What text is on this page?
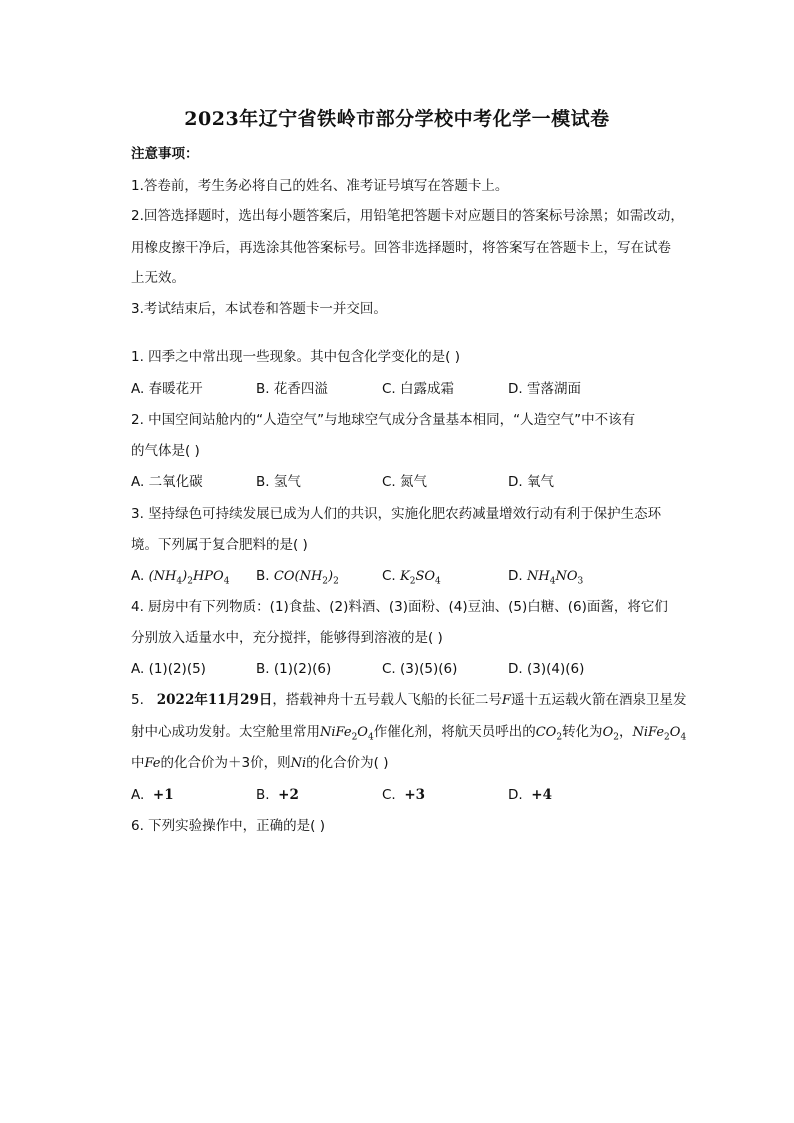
2023年辽宁省铁岭市部分学校中考化学一模试卷
注意事项：
1.答卷前，考生务必将自己的姓名、准考证号填写在答题卡上。
2.回答选择题时，选出每小题答案后，用铅笔把答题卡对应题目的答案标号涂黑；如需改动，
用橡皮擦干净后，再选涂其他答案标号。回答非选择题时，将答案写在答题卡上，写在试卷
上无效。
3.考试结束后，本试卷和答题卡一并交回。
1. 四季之中常出现一些现象。其中包含化学变化的是( )
A. 春暖花开	B. 花香四溢	C. 白露成霜	D. 雪落湖面
2. 中国空间站舱内的“人造空气”与地球空气成分含量基本相同，“人造空气”中不该有
的气体是( )
A. 二氧化碳	B. 氢气	C. 氮气	D. 氧气
3. 坚持绿色可持续发展已成为人们的共识，实施化肥农药减量增效行动有利于保护生态环
境。下列属于复合肥料的是( )
A. $(NH_4)_2HPO_4$ B. $CO(NH_2)_2$	C. $K_2SO_4$	D. $NH_4NO_3$
4. 厨房中有下列物质：(1)食盐、(2)料酒、(3)面粉、(4)豆油、(5)白糖、(6)面酱，将它们
分别放入适量水中，充分搅拌，能够得到溶液的是( )
A. (1)(2)(5)	B. (1)(2)(6)	C. (3)(5)(6)	D. (3)(4)(6)
5.   2022年11月29日，搭载神舟十五号载人飞船的长征二号F遥十五运载火箭在酒泉卫星发
射中心成功发射。太空舱里常用$NiFe_2O_4$作催化剂，将航天员呼出的$CO_2$转化为$O_2$，$NiFe_2O_4$
中Fe的化合价为＋3价，则Ni的化合价为( )
A. +1	B. +2	C. +3	D. +4
6. 下列实验操作中，正确的是( )
